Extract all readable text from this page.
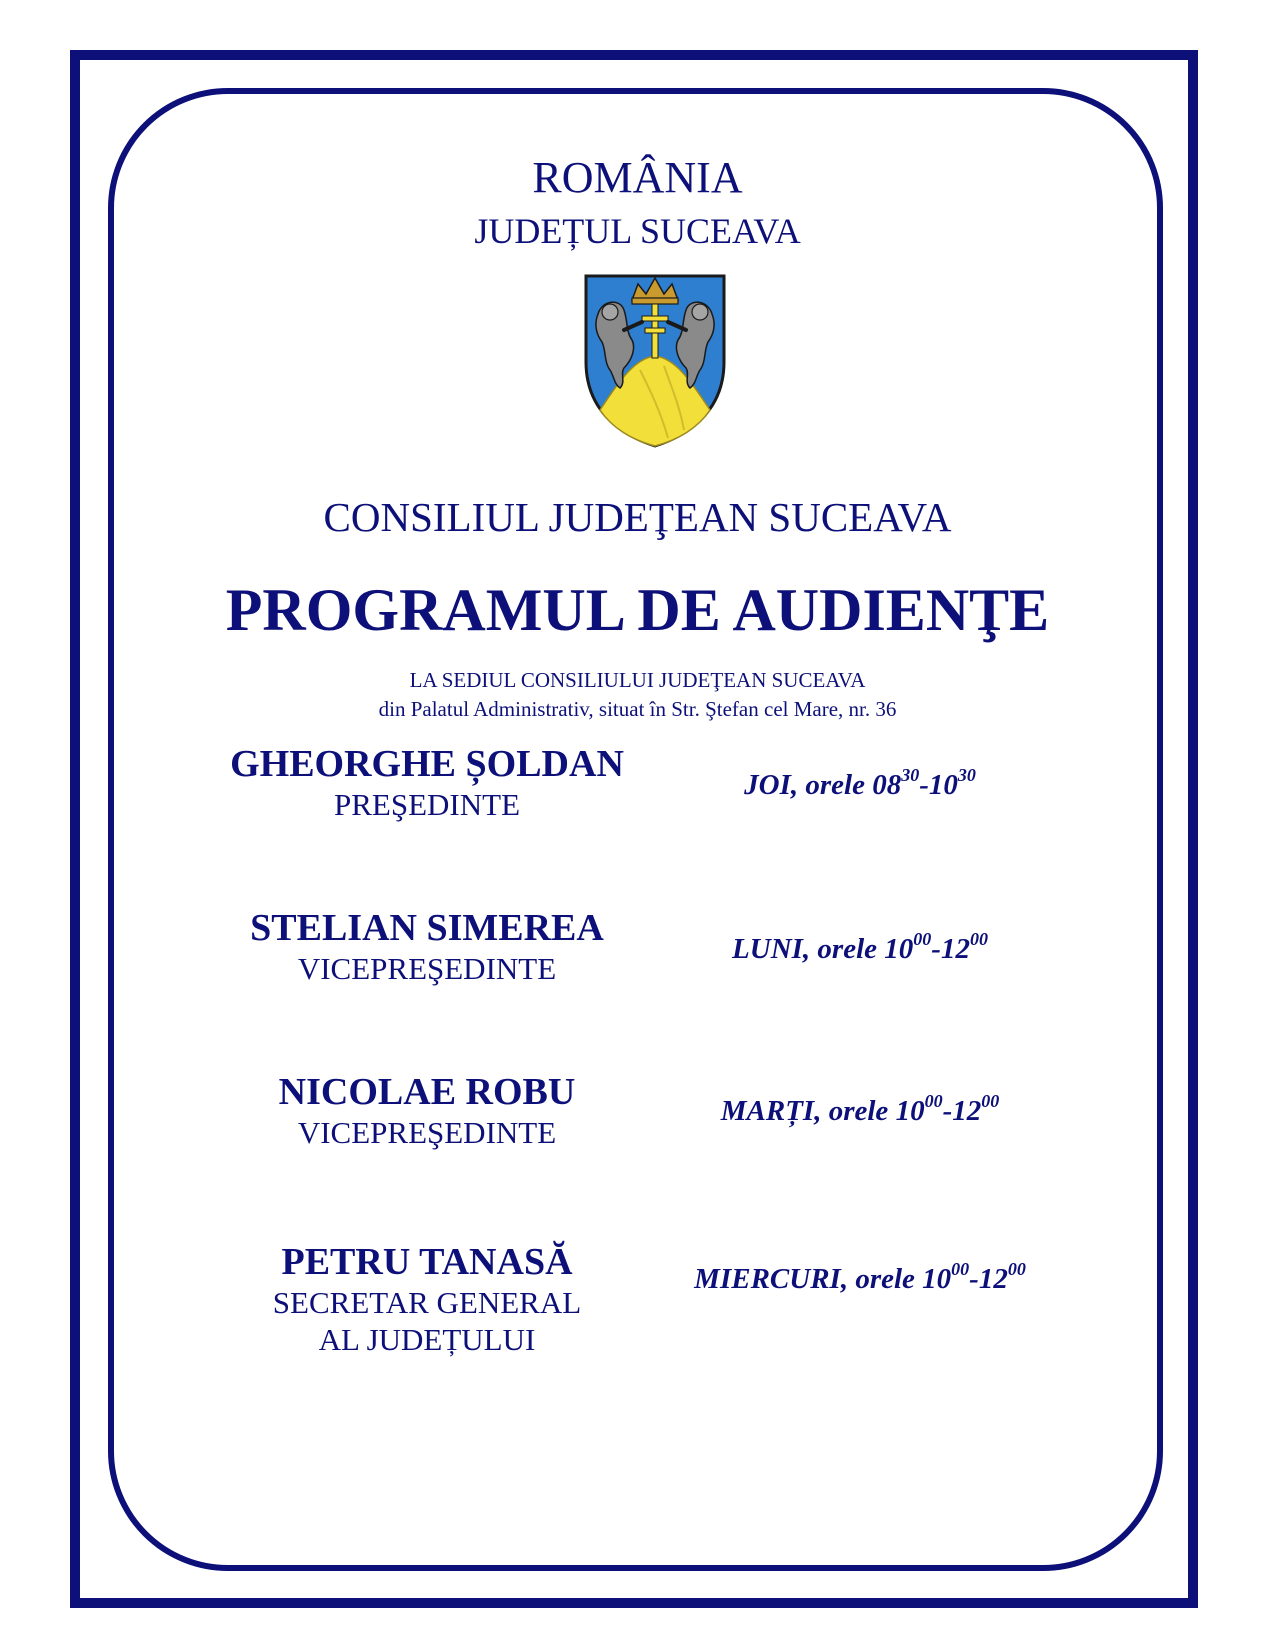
ROMÂNIA
JUDEȚUL SUCEAVA
CONSILIUL JUDEŢEAN SUCEAVA
PROGRAMUL DE AUDIENŢE
LA SEDIUL CONSILIULUI JUDEŢEAN SUCEAVA
din Palatul Administrativ, situat în Str. Ştefan cel Mare, nr. 36
GHEORGHE ȘOLDAN
PREŞEDINTE
JOI, orele $08^{30}-10^{30}$
STELIAN SIMEREA
VICEPREŞEDINTE
LUNI, orele $10^{00}-12^{00}$
NICOLAE ROBU
VICEPREŞEDINTE
MARȚI, orele $10^{00}-12^{00}$
PETRU TANASĂ
SECRETAR GENERAL
AL JUDEȚULUI
MIERCURI, orele $10^{00}-12^{00}$
